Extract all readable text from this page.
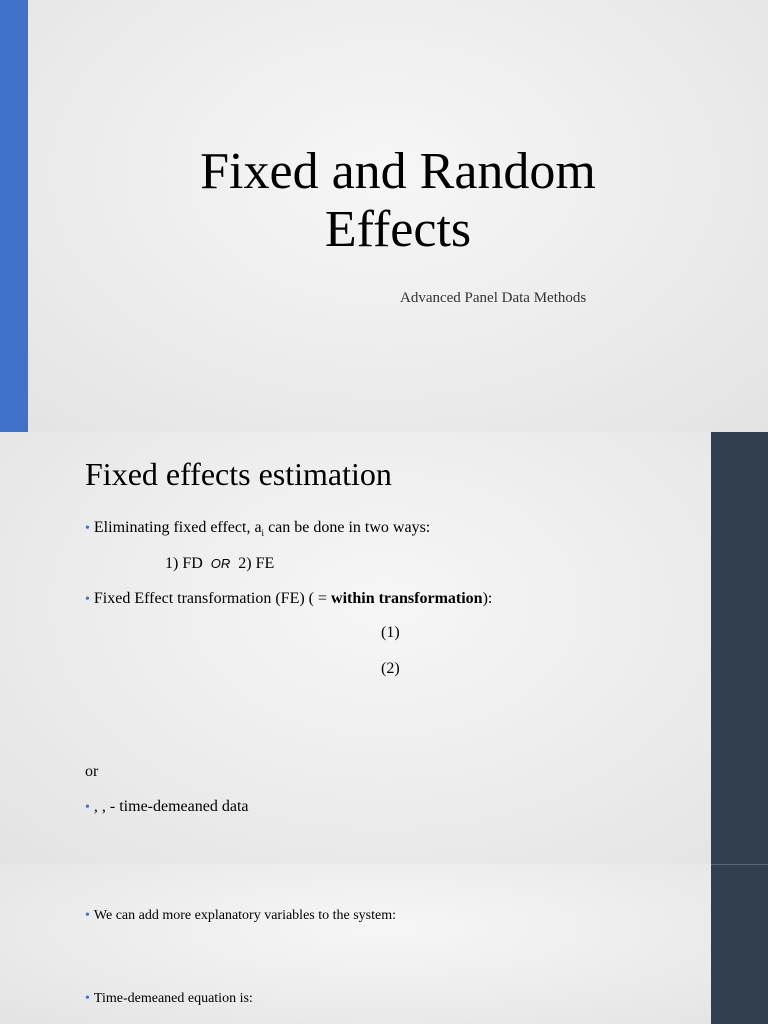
Fixed and Random
Effects
Advanced Panel Data Methods
Fixed effects estimation
• Eliminating fixed effect, $a_i$ can be done in two ways:
1) FD OR 2) FE
• Fixed Effect transformation (FE) ( = within transformation):
(1)
(2)
or
• , , - time-demeaned data
• We can add more explanatory variables to the system:
• Time-demeaned equation is:
